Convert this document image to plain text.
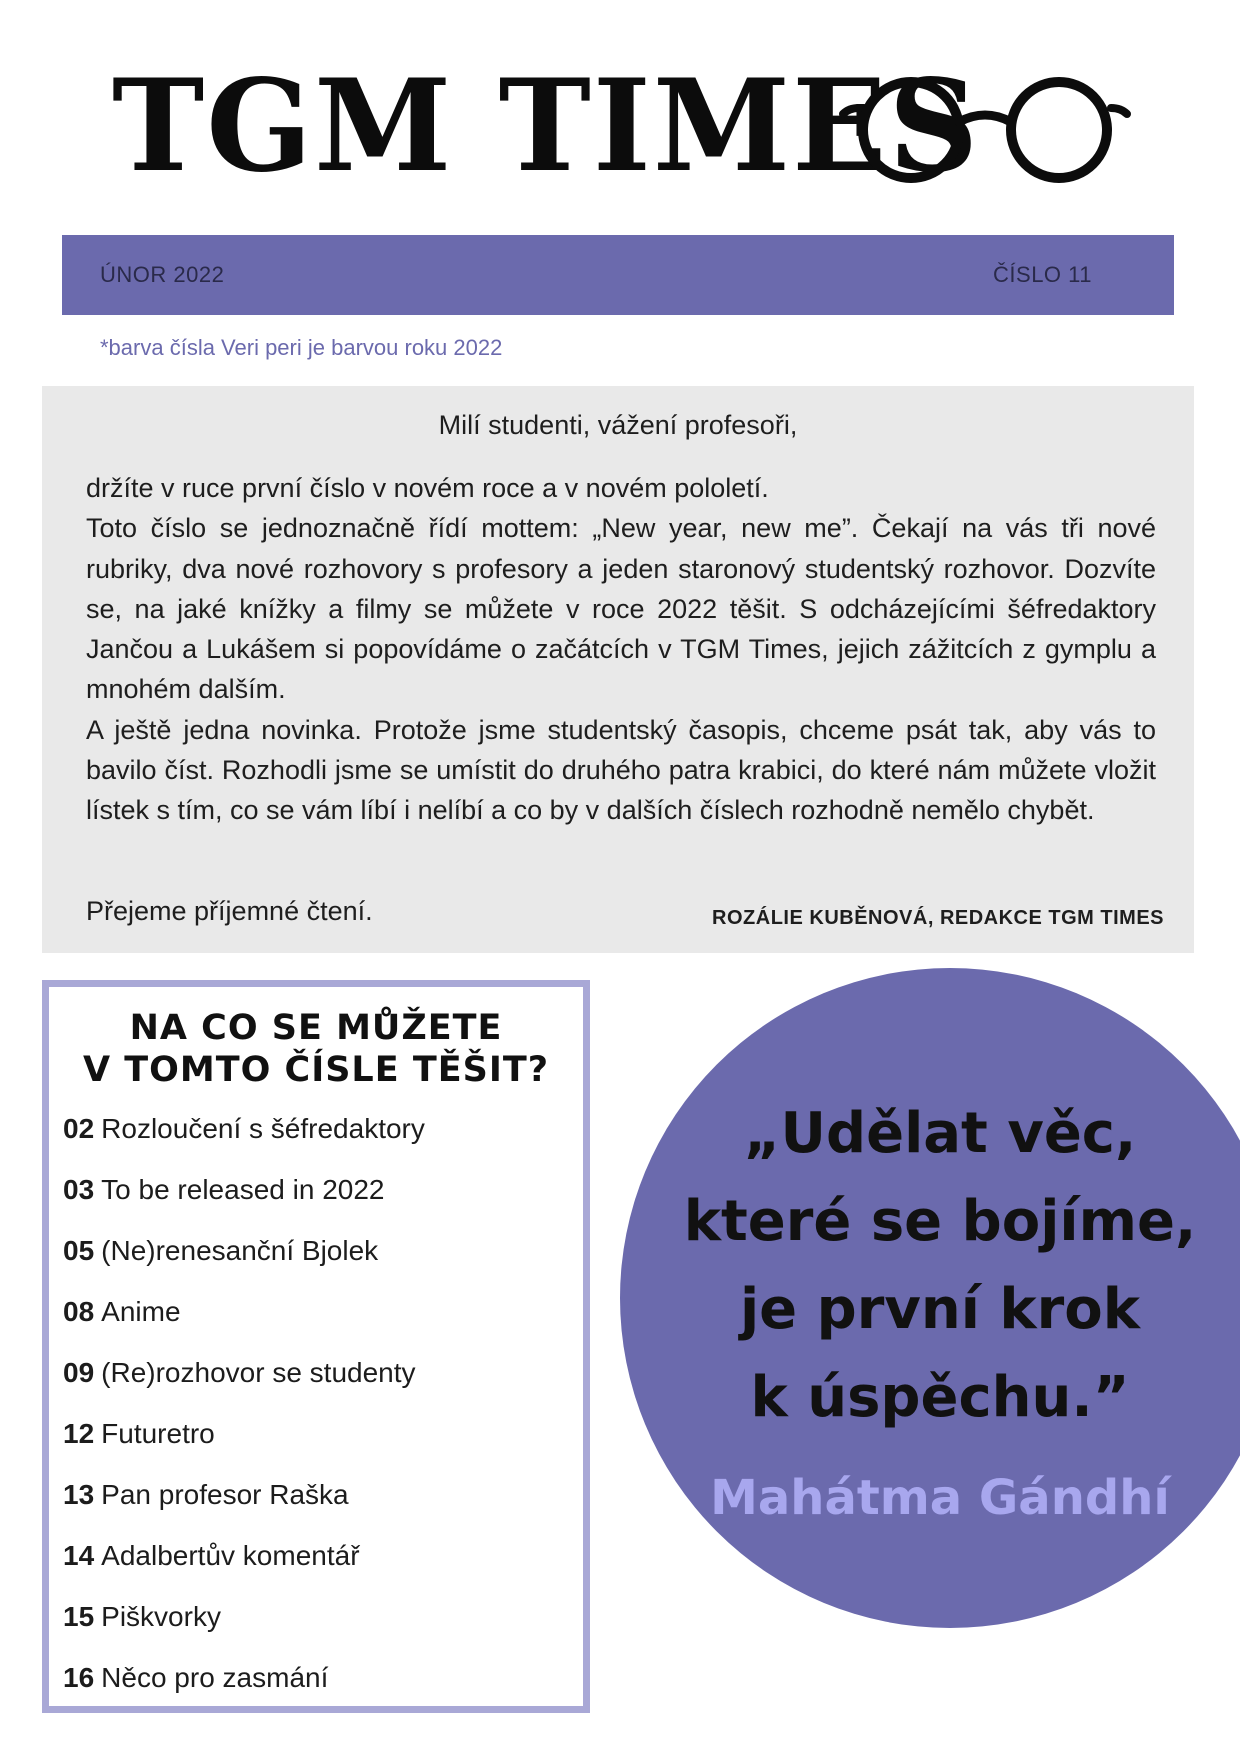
TGM TIMES
ÚNOR 2022	ČÍSLO 11
*barva čísla Veri peri je barvou roku 2022
Milí studenti, vážení profesoři,

držíte v ruce první číslo v novém roce a v novém pololetí.

Toto číslo se jednoznačně řídí mottem: „New year, new me”. Čekají na vás tři nové rubriky, dva nové rozhovory s profesory a jeden staronový studentský rozhovor. Dozvíte se, na jaké knížky a filmy se můžete v roce 2022 těšit. S odcházejícími šéfredaktory Jančou a Lukášem si popovídáme o začátcích v TGM Times, jejich zážitcích z gymplu a mnohém dalším.

A ještě jedna novinka. Protože jsme studentský časopis, chceme psát tak, aby vás to bavilo číst. Rozhodli jsme se umístit do druhého patra krabici, do které nám můžete vložit lístek s tím, co se vám líbí i nelíbí a co by v dalších číslech rozhodně nemělo chybět.

Přejeme příjemné čtení.	ROZÁLIE KUBĚNOVÁ, REDAKCE TGM TIMES
NA CO SE MŮŽETE
V TOMTO ČÍSLE TĚŠIT?
02 Rozloučení s šéfredaktory
03 To be released in 2022
05 (Ne)renesanční Bjolek
08 Anime
09 (Re)rozhovor se studenty
12 Futuretro
13 Pan profesor Raška
14 Adalbertův komentář
15 Piškvorky
16 Něco pro zasmání
„Udělat věc,
které se bojíme,
je první krok
k úspěchu.”
Mahátma Gándhí
